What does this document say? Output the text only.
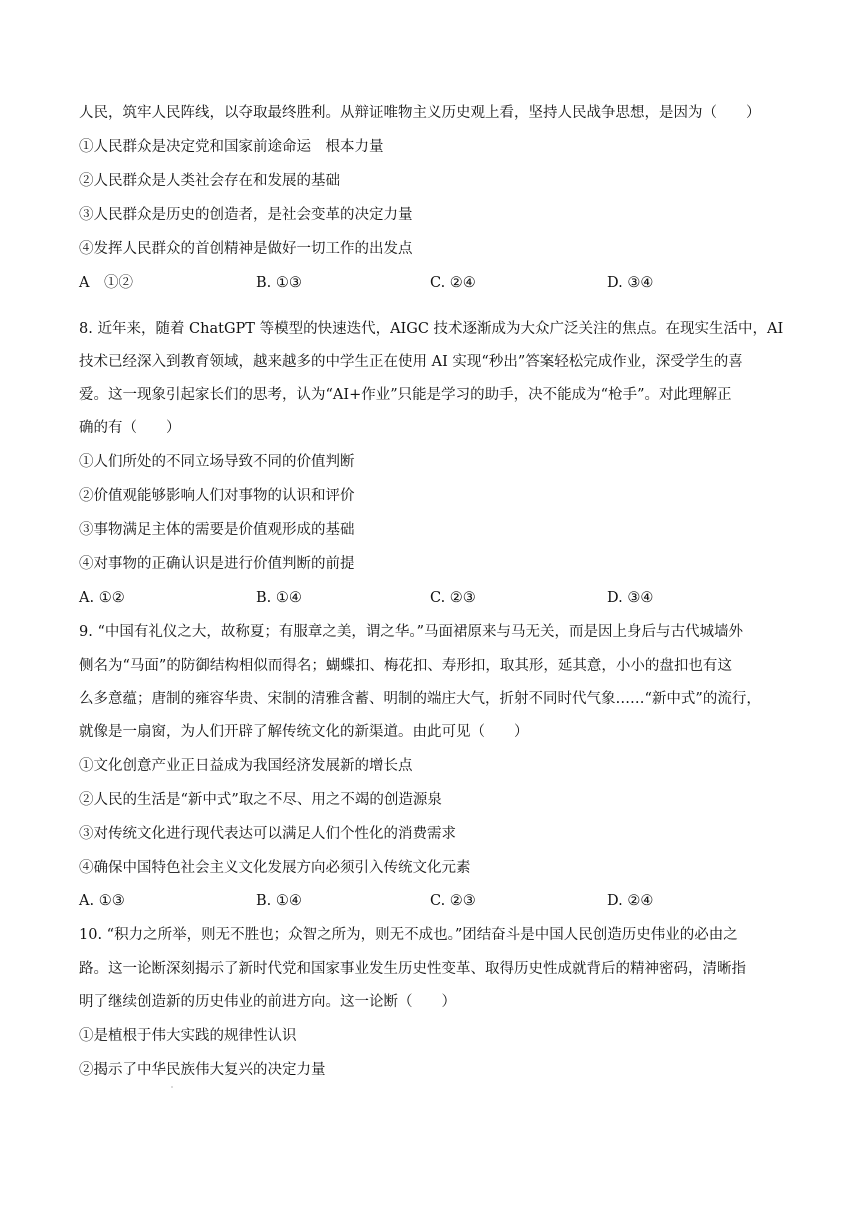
人民，筑牢人民阵线，以夺取最终胜利。从辩证唯物主义历史观上看，坚持人民战争思想，是因为（　　）
①人民群众是决定党和国家前途命运　根本力量
②人民群众是人类社会存在和发展的基础
③人民群众是历史的创造者，是社会变革的决定力量
④发挥人民群众的首创精神是做好一切工作的出发点
A　①②	B. ①③	C. ②④	D. ③④
8. 近年来，随着 ChatGPT 等模型的快速迭代，AIGC 技术逐渐成为大众广泛关注的焦点。在现实生活中，AI
技术已经深入到教育领域，越来越多的中学生正在使用 AI 实现“秒出”答案轻松完成作业，深受学生的喜
爱。这一现象引起家长们的思考，认为“AI+作业”只能是学习的助手，决不能成为“枪手”。对此理解正
确的有（　　）
①人们所处的不同立场导致不同的价值判断
②价值观能够影响人们对事物的认识和评价
③事物满足主体的需要是价值观形成的基础
④对事物的正确认识是进行价值判断的前提
A. ①②	B. ①④	C. ②③	D. ③④
9. “中国有礼仪之大，故称夏；有服章之美，谓之华。”马面裙原来与马无关，而是因上身后与古代城墙外
侧名为“马面”的防御结构相似而得名；蝴蝶扣、梅花扣、寿形扣，取其形，延其意，小小的盘扣也有这
么多意蕴；唐制的雍容华贵、宋制的清雅含蓄、明制的端庄大气，折射不同时代气象……“新中式”的流行，
就像是一扇窗，为人们开辟了解传统文化的新渠道。由此可见（　　）
①文化创意产业正日益成为我国经济发展新的增长点
②人民的生活是“新中式”取之不尽、用之不竭的创造源泉
③对传统文化进行现代表达可以满足人们个性化的消费需求
④确保中国特色社会主义文化发展方向必须引入传统文化元素
A. ①③	B. ①④	C. ②③	D. ②④
10. “积力之所举，则无不胜也；众智之所为，则无不成也。”团结奋斗是中国人民创造历史伟业的必由之
路。这一论断深刻揭示了新时代党和国家事业发生历史性变革、取得历史性成就背后的精神密码，清晰指
明了继续创造新的历史伟业的前进方向。这一论断（　　）
①是植根于伟大实践的规律性认识
②揭示了中华民族伟大复兴的决定力量
